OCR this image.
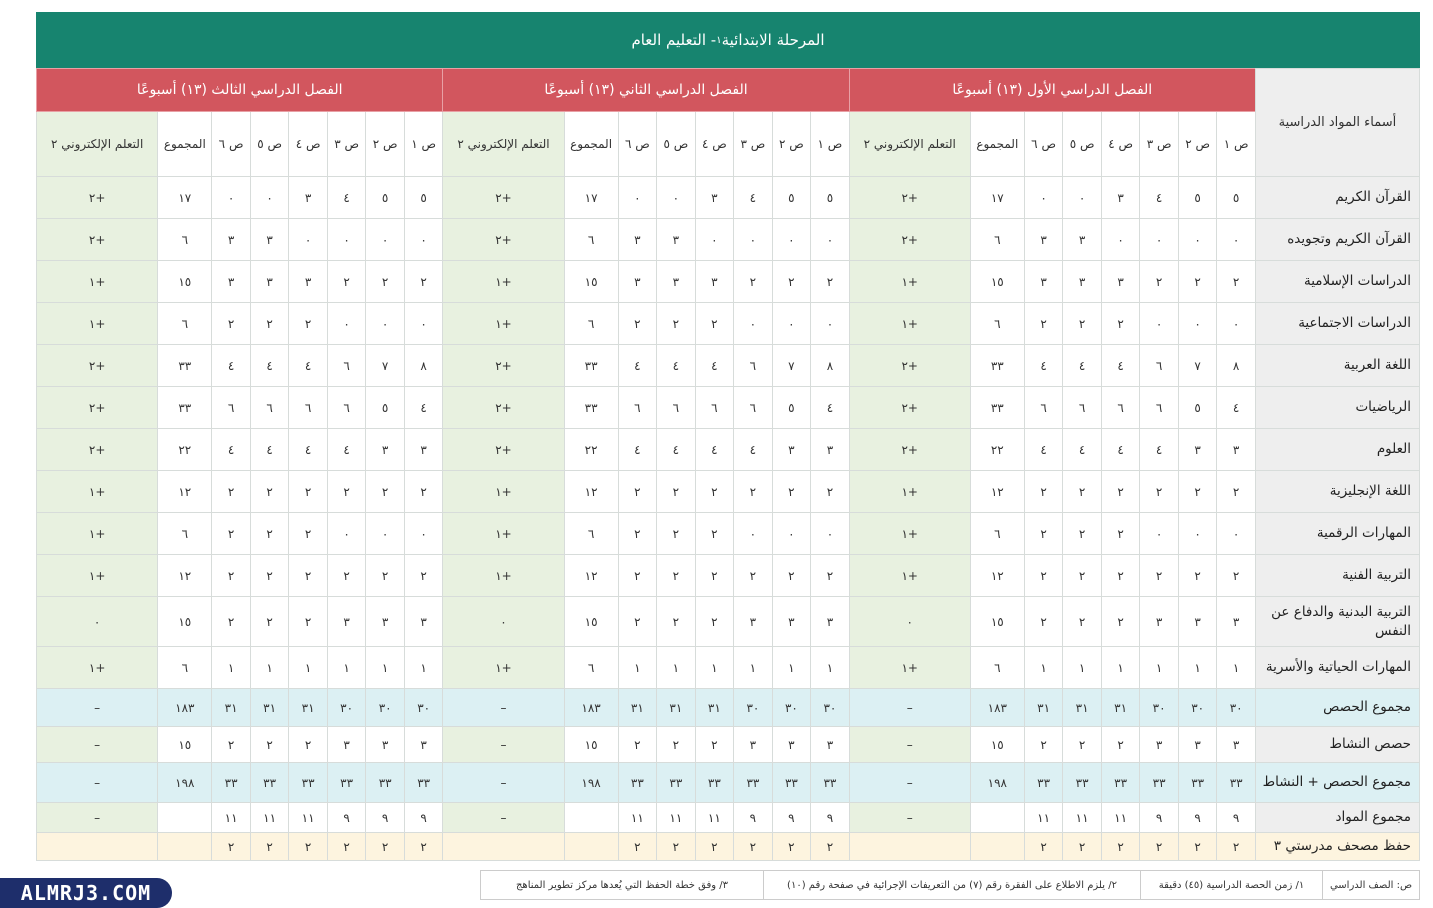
المرحلة الابتدائية
١
- التعليم العام
أسماء المواد الدراسية	الفصل الدراسي الأول (١٣) أسبوعًا								الفصل الدراسي الثاني (١٣) أسبوعًا								الفصل الدراسي الثالث (١٣) أسبوعًا							
	ص ١	ص ٢	ص ٣	ص ٤	ص ٥	ص ٦	المجموع	التعلم الإلكتروني ٢	ص ١	ص ٢	ص ٣	ص ٤	ص ٥	ص ٦	المجموع	التعلم الإلكتروني ٢	ص ١	ص ٢	ص ٣	ص ٤	ص ٥	ص ٦	المجموع	التعلم الإلكتروني ٢
القرآن الكريم	٥	٥	٤	٣	٠	٠	١٧	+٢	٥	٥	٤	٣	٠	٠	١٧	+٢	٥	٥	٤	٣	٠	٠	١٧	+٢
القرآن الكريم وتجويده	٠	٠	٠	٠	٣	٣	٦	+٢	٠	٠	٠	٠	٣	٣	٦	+٢	٠	٠	٠	٠	٣	٣	٦	+٢
الدراسات الإسلامية	٢	٢	٢	٣	٣	٣	١٥	+١	٢	٢	٢	٣	٣	٣	١٥	+١	٢	٢	٢	٣	٣	٣	١٥	+١
الدراسات الاجتماعية	٠	٠	٠	٢	٢	٢	٦	+١	٠	٠	٠	٢	٢	٢	٦	+١	٠	٠	٠	٢	٢	٢	٦	+١
اللغة العربية	٨	٧	٦	٤	٤	٤	٣٣	+٢	٨	٧	٦	٤	٤	٤	٣٣	+٢	٨	٧	٦	٤	٤	٤	٣٣	+٢
الرياضيات	٤	٥	٦	٦	٦	٦	٣٣	+٢	٤	٥	٦	٦	٦	٦	٣٣	+٢	٤	٥	٦	٦	٦	٦	٣٣	+٢
العلوم	٣	٣	٤	٤	٤	٤	٢٢	+٢	٣	٣	٤	٤	٤	٤	٢٢	+٢	٣	٣	٤	٤	٤	٤	٢٢	+٢
اللغة الإنجليزية	٢	٢	٢	٢	٢	٢	١٢	+١	٢	٢	٢	٢	٢	٢	١٢	+١	٢	٢	٢	٢	٢	٢	١٢	+١
المهارات الرقمية	٠	٠	٠	٢	٢	٢	٦	+١	٠	٠	٠	٢	٢	٢	٦	+١	٠	٠	٠	٢	٢	٢	٦	+١
التربية الفنية	٢	٢	٢	٢	٢	٢	١٢	+١	٢	٢	٢	٢	٢	٢	١٢	+١	٢	٢	٢	٢	٢	٢	١٢	+١
التربية البدنية والدفاع عن النفس	٣	٣	٣	٢	٢	٢	١٥	٠	٣	٣	٣	٢	٢	٢	١٥	٠	٣	٣	٣	٢	٢	٢	١٥	٠
المهارات الحياتية والأسرية	١	١	١	١	١	١	٦	+١	١	١	١	١	١	١	٦	+١	١	١	١	١	١	١	٦	+١
مجموع الحصص	٣٠	٣٠	٣٠	٣١	٣١	٣١	١٨٣	–	٣٠	٣٠	٣٠	٣١	٣١	٣١	١٨٣	–	٣٠	٣٠	٣٠	٣١	٣١	٣١	١٨٣	–
حصص النشاط	٣	٣	٣	٢	٢	٢	١٥	–	٣	٣	٣	٢	٢	٢	١٥	–	٣	٣	٣	٢	٢	٢	١٥	–
مجموع الحصص + النشاط	٣٣	٣٣	٣٣	٣٣	٣٣	٣٣	١٩٨	–	٣٣	٣٣	٣٣	٣٣	٣٣	٣٣	١٩٨	–	٣٣	٣٣	٣٣	٣٣	٣٣	٣٣	١٩٨	–
مجموع المواد	٩	٩	٩	١١	١١	١١		–	٩	٩	٩	١١	١١	١١		–	٩	٩	٩	١١	١١	١١		–
حفظ مصحف مدرستي ٣	٢	٢	٢	٢	٢	٢			٢	٢	٢	٢	٢	٢			٢	٢	٢	٢	٢	٢		
ص: الصف الدراسي
١/ زمن الحصة الدراسية (٤٥) دقيقة
٢/ يلزم الاطلاع على الفقرة رقم (٧) من التعريفات الإجرائية في صفحة رقم (١٠)
٣/ وفق خطة الحفظ التي يُعدها مركز تطوير المناهج
ALMRJ3.COM
